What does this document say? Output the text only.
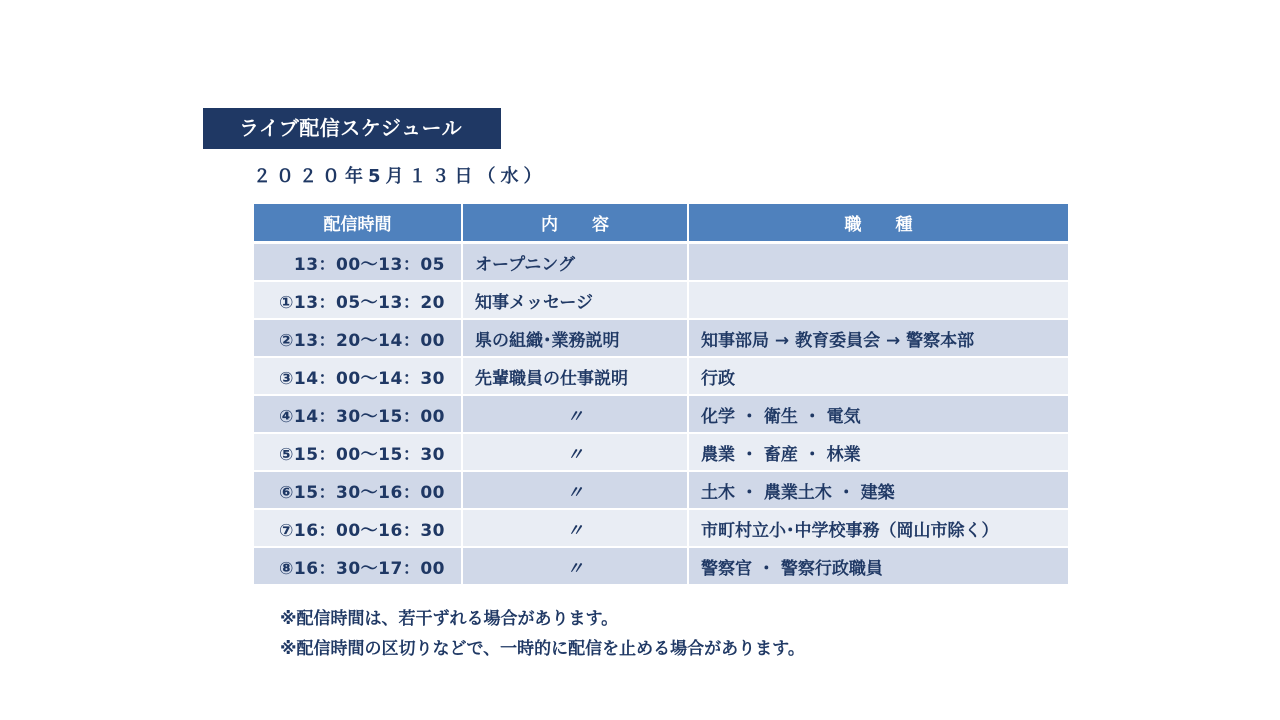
ライブ配信スケジュール
２０２０年5月１３日（水）
配信時間	内　　容	職　　種
13：00～13：05	オープニング	
①13：05～13：20	知事メッセージ	
②13：20～14：00	県の組織･業務説明	知事部局 → 教育委員会 → 警察本部
③14：00～14：30	先輩職員の仕事説明	行政
④14：30～15：00	〃	化学 ・ 衛生 ・ 電気
⑤15：00～15：30	〃	農業 ・ 畜産 ・ 林業
⑥15：30～16：00	〃	土木 ・ 農業土木 ・ 建築
⑦16：00～16：30	〃	市町村立小･中学校事務（岡山市除く）
⑧16：30～17：00	〃	警察官 ・ 警察行政職員
※配信時間は、若干ずれる場合があります。
※配信時間の区切りなどで、一時的に配信を止める場合があります。
